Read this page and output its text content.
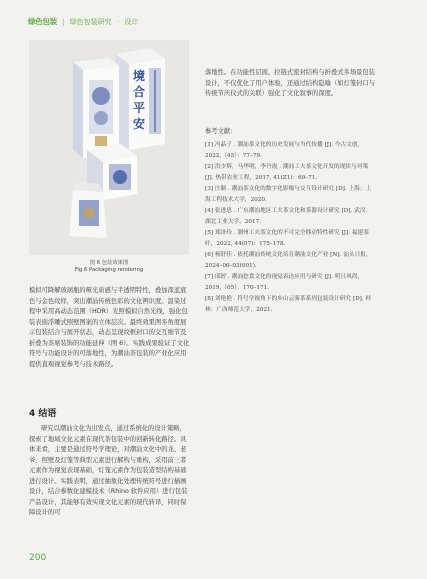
绿色包装 | 绿色包装研究 · 设计
境
合
平
安
图 6 包装效果图
Fig.6 Packaging rendering

模拟可降解玻璃瓶的哑光质感与半透明特性，叠加深蓝底色与金色纹样，突出潮汕传统色彩的文化辨识度。温染过程中采用高动态范围（HDR）光照模拟自然光线，强化包装表面浮雕式照壁图案的立体层次。最终效果图多角度展示包装结合与展开状态，动态呈现纹框封口的交互细节及折叠为茶席装饰的功能延伸（图 6）。实践成果验证了文化符号与功能设计的可落地性，为潮汕茶包装的产业化应用提供直观视觉参考与技术路径。

4 结语

研究以潮汕文化为出发点，通过系统化的设计策略，探索了地域文化元素在现代茶包装中的创新转化路径。具体来看，主要是通过符号学理论，对潮汕文化中的龙、老爷、照壁及灯笼等典型元素进行解构与重构，采用前三者元素作为视觉表现基础，灯笼元素作为包装造型结构基础进行设计。实践表明，通过抽象化处理传统符号进行插画设计，结合参数化建模技术（Rhino 软件应用）进行包装产品设计，其能够有效实现文化元素的现代转译，同时保障设计的可

落地性。在功能性层面，拉链式密封结构与折叠式多场景包装设计，不仅优化了用户体验，还通过结构隐喻（如灯笼封口与传统节庆仪式的关联）强化了文化叙事的深度。

参考文献：

[1] 冯晶子 . 潮汕茶文化的历史发展与当代传播 [J]. 今古文创，2022,（45）：77–79.

[2] 洪少辉，马华明，李丹霞 . 潮汕工夫茶文化开发的现状与对策 [J]. 热带农业工程，2017, 41(Z1)：69–71.

[3] 庄颖 . 潮汕茶文化的数字化影像与交互设计研究 [D]. 上海：上海工程技术大学，2020.

[4] 张进思 . 广东潮汕地区工夫茶文化和茶器设计研究 [D]. 武汉：湖北工业大学，2017.

[5] 郑泽玲 . 潮州工夫茶文化的不可完全移动特性研究 [J]. 福建茶叶，2022, 44(07)：175–178.

[6] 杨舒佳 . 依托潮汕传统文化培育潮汕文化产业 [N]. 汕头日报，2024–06–03(001).

[7] 邱婷 . 潮汕挖食文化的视觉表达应用与研究 [J]. 明日风尚，2019,（05）：170–171.

[8] 刘艳艳 . 符号学视角下的乡山云雾茶系列包装设计研究 [D]. 桂林：广西师范大学，2021.

200
